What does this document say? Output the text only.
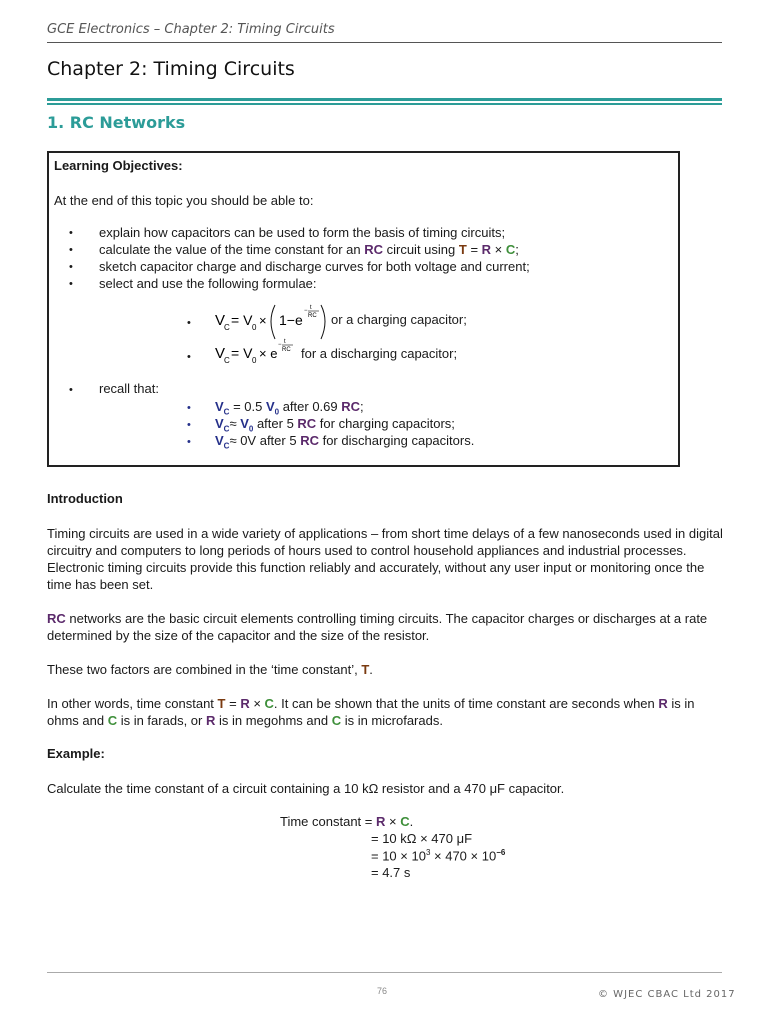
GCE Electronics – Chapter 2: Timing Circuits
Chapter 2: Timing Circuits
1. RC Networks
Learning Objectives:
At the end of this topic you should be able to:
• explain how capacitors can be used to form the basis of timing circuits;
• calculate the value of the time constant for an RC circuit using T = R × C;
• sketch capacitor charge and discharge curves for both voltage and current;
• select and use the following formulae:
• V
C = V 0 × 1−e
− t
RC or a charging capacitor;
• V
C = V 0 × e
− t
RC for a discharging capacitor;
• recall that:
• $V_C = 0.5$ $V_0$ after 0.69 RC;
• $V_C\approx V_0$ after 5 RC for charging capacitors;
• $V_C\approx 0V$ after 5 RC for discharging capacitors.
Introduction
Timing circuits are used in a wide variety of applications – from short time delays of a few nanoseconds used in digital circuitry and computers to long periods of hours used to control household appliances and industrial processes. Electronic timing circuits provide this function reliably and accurately, without any user input or monitoring once the time has been set.
RC networks are the basic circuit elements controlling timing circuits. The capacitor charges or discharges at a rate determined by the size of the capacitor and the size of the resistor.
These two factors are combined in the ‘time constant’, T.
In other words, time constant T = R × C. It can be shown that the units of time constant are seconds when R is in ohms and C is in farads, or R is in megohms and C is in microfarads.
Example:
Calculate the time constant of a circuit containing a 10 kΩ resistor and a 470 μF capacitor.
Time constant = R × C.
= 10 kΩ × 470 μF
= $10 \times 10^3 \times 470 \times 10^{-6}$
= 4.7 s
76	© WJEC CBAC Ltd 2017
